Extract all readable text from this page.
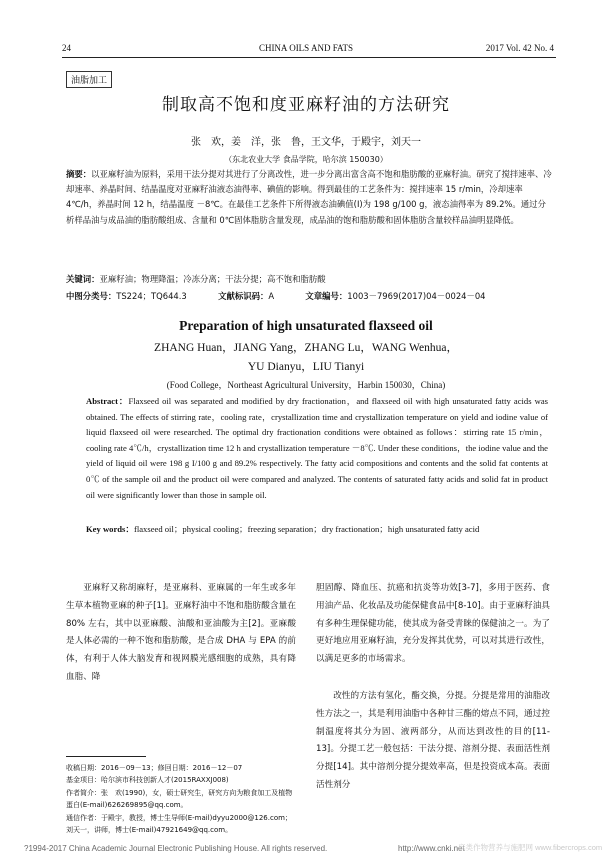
24	CHINA OILS AND FATS	2017 Vol. 42 No. 4
油脂加工
制取高不饱和度亚麻籽油的方法研究
张　欢，姜　洋，张　鲁，王文华，于殿宇，刘天一
（东北农业大学 食品学院，哈尔滨 150030）
摘要：以亚麻籽油为原料，采用干法分提对其进行了分离改性，进一步分离出富含高不饱和脂肪酸的亚麻籽油。研究了搅拌速率、冷却速率、养晶时间、结晶温度对亚麻籽油液态油得率、碘值的影响。得到最佳的工艺条件为：搅拌速率 15 r/min，冷却速率 4℃/h，养晶时间 12 h，结晶温度 －8℃。在最佳工艺条件下所得液态油碘值(I)为 198 g/100 g，液态油得率为 89.2%。通过分析样品油与成品油的脂肪酸组成、含量和 0℃固体脂肪含量发现，成品油的饱和脂肪酸和固体脂肪含量较样品油明显降低。
关键词：亚麻籽油；物理降温；冷冻分离；干法分提；高不饱和脂肪酸
中图分类号：TS224；TQ644.3	文献标识码：A	文章编号：1003－7969(2017)04－0024－04
Preparation of high unsaturated flaxseed oil
ZHANG Huan，JIANG Yang，ZHANG Lu，WANG Wenhua，
YU Dianyu，LIU Tianyi
(Food College，Northeast Agricultural University，Harbin 150030，China)
Abstract：Flaxseed oil was separated and modified by dry fractionation，and flaxseed oil with high unsaturated fatty acids was obtained. The effects of stirring rate，cooling rate，crystallization time and crystallization temperature on yield and iodine value of liquid flaxseed oil were researched. The optimal dry fractionation conditions were obtained as follows：stirring rate 15 r/min，cooling rate 4℃/h，crystallization time 12 h and crystallization temperature －8℃. Under these conditions，the iodine value and the yield of liquid oil were 198 g I/100 g and 89.2% respectively. The fatty acid compositions and contents and the solid fat contents at 0℃ of the sample oil and the product oil were compared and analyzed. The contents of saturated fatty acids and solid fat in product oil were significantly lower than those in sample oil.
Key words：flaxseed oil；physical cooling；freezing separation；dry fractionation；high unsaturated fatty acid
亚麻籽又称胡麻籽，是亚麻科、亚麻属的一年生或多年生草本植物亚麻的种子[1]。亚麻籽油中不饱和脂肪酸含量在 80% 左右，其中以亚麻酸、油酸和亚油酸为主[2]。亚麻酸是人体必需的一种不饱和脂肪酸，是合成 DHA 与 EPA 的前体，有利于人体大脑发育和视网膜光感细胞的成熟，具有降血脂、降
收稿日期：2016－09－13；修回日期：2016－12－07
基金项目：哈尔滨市科技创新人才(2015RAXXJ008)
作者简介：张　欢(1990)，女，硕士研究生，研究方向为粮食加工及植物蛋白(E-mail)626269895@qq.com。
通信作者：于殿宇，教授，博士生导师(E-mail)dyyu2000@126.com；刘天一，讲师，博士(E-mail)47921649@qq.com。
胆固醇、降血压、抗癌和抗炎等功效[3-7]，多用于医药、食用油产品、化妆品及功能保健食品中[8-10]。由于亚麻籽油具有多种生理保健功能，使其成为备受青睐的保健油之一。为了更好地应用亚麻籽油，充分发挥其优势，可以对其进行改性，以满足更多的市场需求。
改性的方法有氢化，酯交换，分提。分提是常用的油脂改性方法之一，其是利用油脂中各种甘三酯的熔点不同，通过控制温度将其分为固、液两部分，从而达到改性的目的[11-13]。分提工艺一般包括：干法分提、溶剂分提、表面活性剂分提[14]。其中溶剂分提分提效率高，但是投资成本高。表面活性剂分
?1994-2017 China Academic Journal Electronic Publishing House. All rights reserved.	http://www.cnki.net
麻类作物营养与施肥网 www.fibercrops.com
